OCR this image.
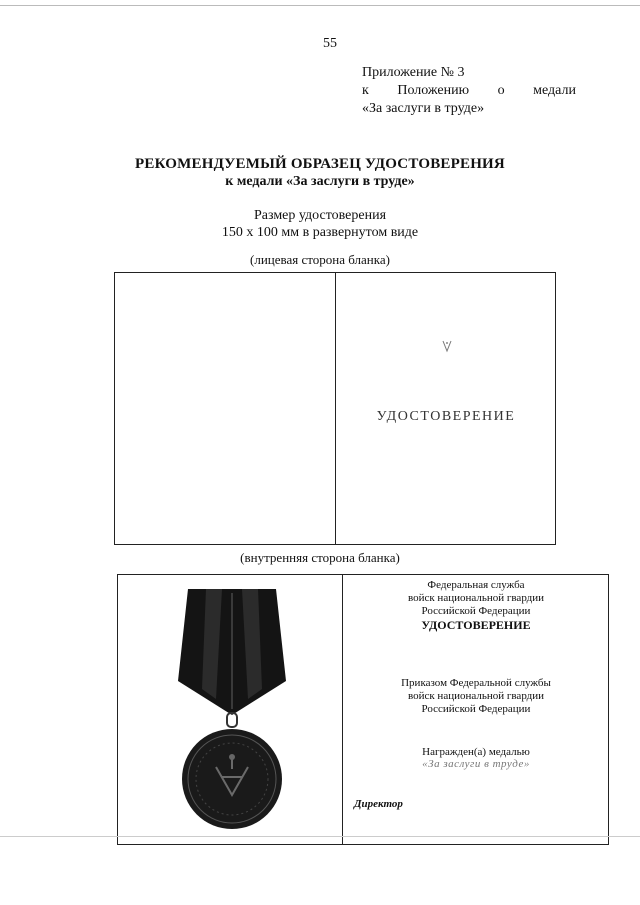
55
Приложение № 3
к Положению о медали
«За заслуги в труде»
РЕКОМЕНДУЕМЫЙ ОБРАЗЕЦ УДОСТОВЕРЕНИЯ
к медали «За заслуги в труде»
Размер удостоверения
150 х 100 мм в развернутом виде
(лицевая сторона бланка)
УДОСТОВЕРЕНИЕ
(внутренняя сторона бланка)
Федеральная служба
войск национальной гвардии
Российской Федерации
УДОСТОВЕРЕНИЕ
Приказом Федеральной службы
войск национальной гвардии
Российской Федерации
Награжден(а) медалью
«За заслуги в труде»
Директор
